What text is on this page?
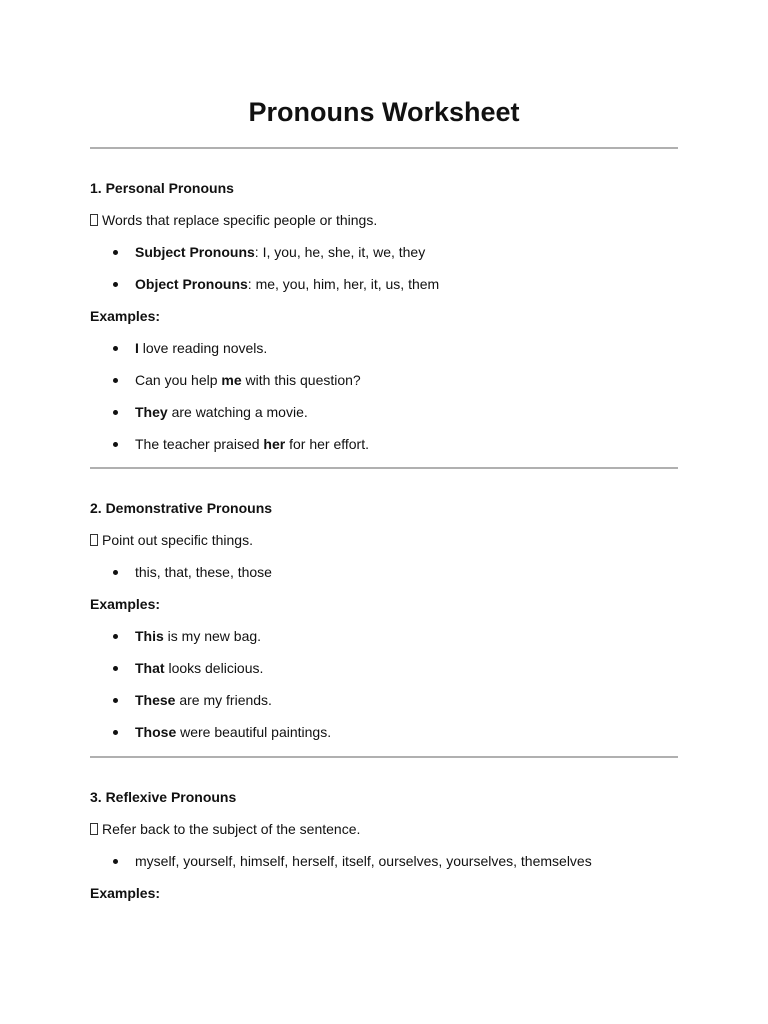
Pronouns Worksheet
1. Personal Pronouns
Words that replace specific people or things.
Subject Pronouns: I, you, he, she, it, we, they
Object Pronouns: me, you, him, her, it, us, them
Examples:
I love reading novels.
Can you help me with this question?
They are watching a movie.
The teacher praised her for her effort.
2. Demonstrative Pronouns
Point out specific things.
this, that, these, those
Examples:
This is my new bag.
That looks delicious.
These are my friends.
Those were beautiful paintings.
3. Reflexive Pronouns
Refer back to the subject of the sentence.
myself, yourself, himself, herself, itself, ourselves, yourselves, themselves
Examples:
